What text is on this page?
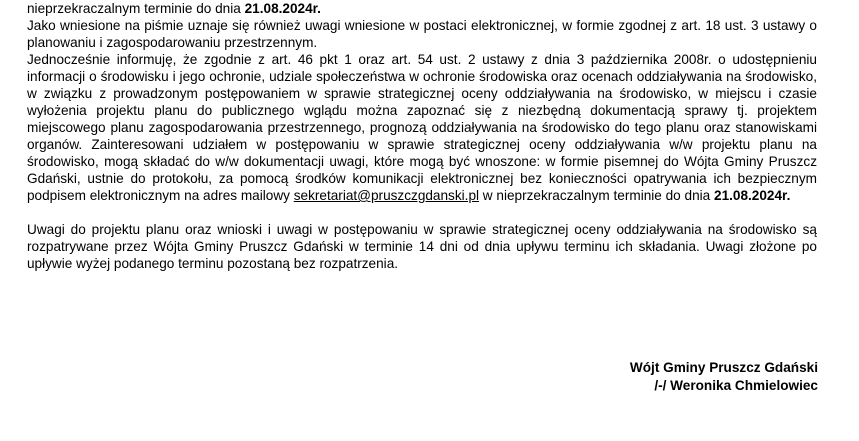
nieprzekraczalnym terminie do dnia 21.08.2024r.

Jako wniesione na piśmie uznaje się również uwagi wniesione w postaci elektronicznej, w formie zgodnej z art. 18 ust. 3 ustawy o planowaniu i zagospodarowaniu przestrzennym.

Jednocześnie informuję, że zgodnie z art. 46 pkt 1 oraz art. 54 ust. 2 ustawy z dnia 3 października 2008r. o udostępnieniu informacji o środowisku i jego ochronie, udziale społeczeństwa w ochronie środowiska oraz ocenach oddziaływania na środowisko, w związku z prowadzonym postępowaniem w sprawie strategicznej oceny oddziaływania na środowisko, w miejscu i czasie wyłożenia projektu planu do publicznego wglądu można zapoznać się z niezbędną dokumentacją sprawy tj. projektem miejscowego planu zagospodarowania przestrzennego, prognozą oddziaływania na środowisko do tego planu oraz stanowiskami organów. Zainteresowani udziałem w postępowaniu w sprawie strategicznej oceny oddziaływania w/w projektu planu na środowisko, mogą składać do w/w dokumentacji uwagi, które mogą być wnoszone: w formie pisemnej do Wójta Gminy Pruszcz Gdański, ustnie do protokołu, za pomocą środków komunikacji elektronicznej bez konieczności opatrywania ich bezpiecznym podpisem elektronicznym na adres mailowy sekretariat@pruszczgdanski.pl w nieprzekraczalnym terminie do dnia 21.08.2024r.

Uwagi do projektu planu oraz wnioski i uwagi w postępowaniu w sprawie strategicznej oceny oddziaływania na środowisko są rozpatrywane przez Wójta Gminy Pruszcz Gdański w terminie 14 dni od dnia upływu terminu ich składania. Uwagi złożone po upływie wyżej podanego terminu pozostaną bez rozpatrzenia.

Wójt Gminy Pruszcz Gdański
/-/ Weronika Chmielowiec
